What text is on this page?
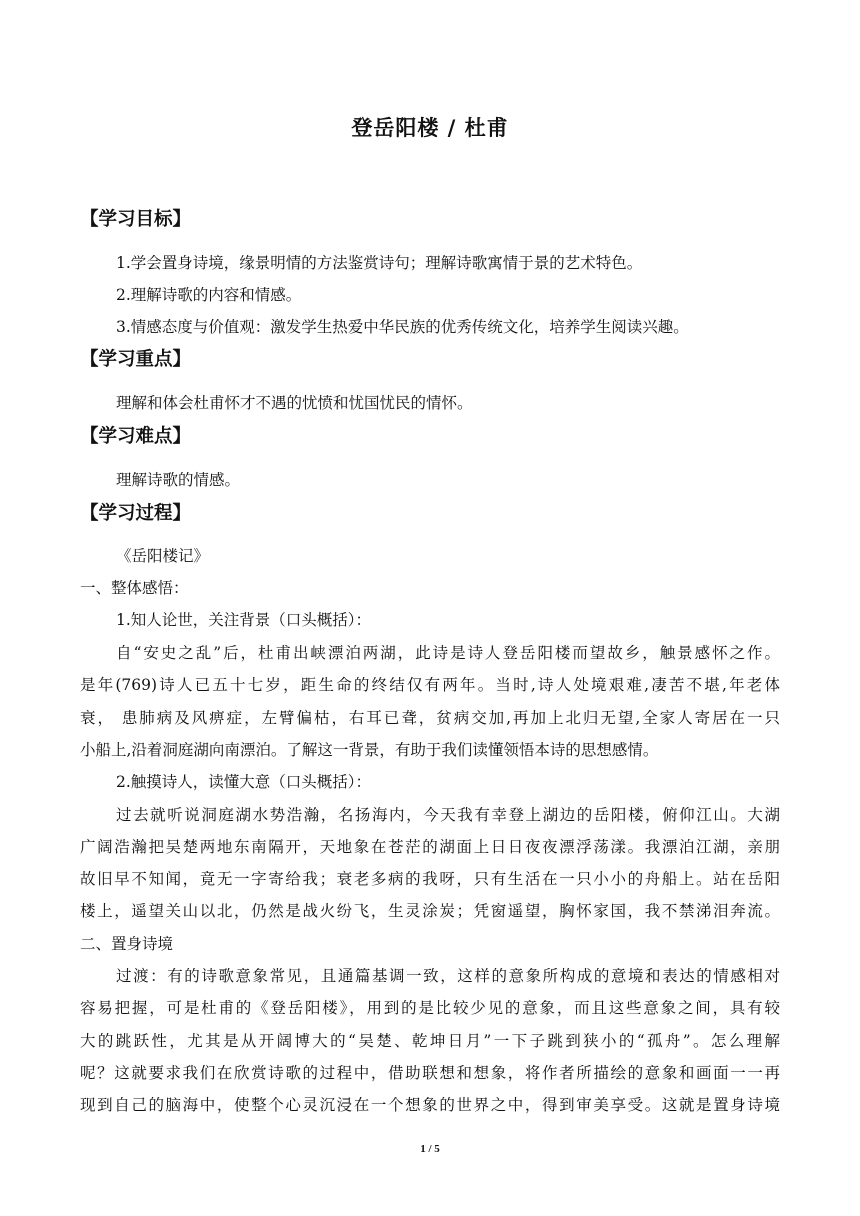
登岳阳楼 / 杜甫
【学习目标】
1.学会置身诗境，缘景明情的方法鉴赏诗句；理解诗歌寓情于景的艺术特色。
2.理解诗歌的内容和情感。
3.情感态度与价值观：激发学生热爱中华民族的优秀传统文化，培养学生阅读兴趣。
【学习重点】
理解和体会杜甫怀才不遇的忧愤和忧国忧民的情怀。
【学习难点】
理解诗歌的情感。
【学习过程】
《岳阳楼记》
一、整体感悟：
1.知人论世，关注背景（口头概括）：
自“安史之乱”后，杜甫出峡漂泊两湖，此诗是诗人登岳阳楼而望故乡，触景感怀之作。
是年(769)诗人已五十七岁，距生命的终结仅有两年。当时,诗人处境艰难,凄苦不堪,年老体
衰， 患肺病及风痹症，左臂偏枯，右耳已聋，贫病交加,再加上北归无望,全家人寄居在一只
小船上,沿着洞庭湖向南漂泊。了解这一背景，有助于我们读懂领悟本诗的思想感情。
2.触摸诗人，读懂大意（口头概括）：
过去就听说洞庭湖水势浩瀚，名扬海内，今天我有幸登上湖边的岳阳楼，俯仰江山。大湖
广阔浩瀚把吴楚两地东南隔开，天地象在苍茫的湖面上日日夜夜漂浮荡漾。我漂泊江湖，亲朋
故旧早不知闻，竟无一字寄给我；衰老多病的我呀，只有生活在一只小小的舟船上。站在岳阳
楼上，遥望关山以北，仍然是战火纷飞，生灵涂炭；凭窗遥望，胸怀家国，我不禁涕泪奔流。
二、置身诗境
过渡：有的诗歌意象常见，且通篇基调一致，这样的意象所构成的意境和表达的情感相对
容易把握，可是杜甫的《登岳阳楼》，用到的是比较少见的意象，而且这些意象之间，具有较
大的跳跃性，尤其是从开阔博大的“吴楚、乾坤日月”一下子跳到狭小的“孤舟”。怎么理解
呢？这就要求我们在欣赏诗歌的过程中，借助联想和想象，将作者所描绘的意象和画面一一再
现到自己的脑海中，使整个心灵沉浸在一个想象的世界之中，得到审美享受。这就是置身诗境
1 / 5
